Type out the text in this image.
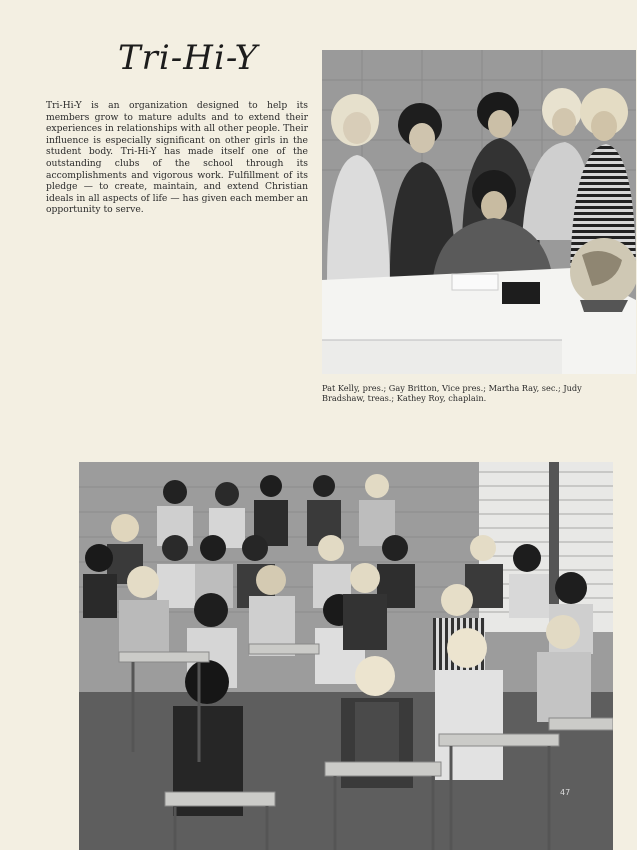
Tri-Hi-Y

Tri-Hi-Y is an organization designed to help its members grow to mature adults and to extend their experiences in relationships with all other people. Their influence is especially significant on other girls in the student body. Tri-Hi-Y has made itself one of the outstanding clubs of the school through its accomplishments and vigorous work. Fulfillment of its pledge — to create, maintain, and extend Christian ideals in all aspects of life — has given each member an opportunity to serve.

Pat Kelly, pres.; Gay Britton, Vice pres.; Martha Ray, sec.; Judy Bradshaw, treas.; Kathey Roy, chaplain.
47
